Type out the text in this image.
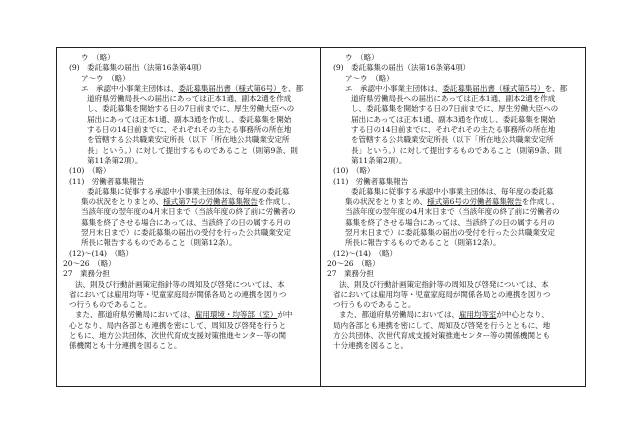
ウ　（略）
(9)　委託募集の届出（法第16条第4項）
ア～ウ　（略）
エ　承認中小事業主団体は、委託募集届出書（様式第6号）を、都
道府県労働局長への届出にあっては正本1通、副本2通を作成
し、委託募集を開始する日の7日前までに、厚生労働大臣への
届出にあっては正本1通、副本3通を作成し、委託募集を開始
する日の14日前までに、それぞれその主たる事務所の所在地
を管轄する公共職業安定所長（以下「所在地公共職業安定所
長」という。）に対して提出するものであること（則第9条、則
第11条第2項）。
(10)　（略）
(11)　労働者募集報告
委託募集に従事する承認中小事業主団体は、毎年度の委託募
集の状況をとりまとめ、様式第7号の労働者募集報告を作成し、
当該年度の翌年度の4月末日まで（当該年度の終了前に労働者の
募集を終了させる場合にあっては、当該終了の日の属する月の
翌月末日まで）に委託募集の届出の受付を行った公共職業安定
所長に報告するものであること（則第12条）。
(12)～(14)　（略）
20～26　（略）
27　業務分担
法、則及び行動計画策定指針等の周知及び啓発については、本
省においては雇用均等・児童家庭局が関係各局との連携を図りつ
つ行うものであること。
また、都道府県労働局においては、雇用環境・均等部（室）が中
心となり、局内各部とも連携を密にして、周知及び啓発を行うと
ともに、地方公共団体、次世代育成支援対策推進センター等の関
係機関とも十分連携を図ること。
ウ　（略）
(9)　委託募集の届出（法第16条第4項）
ア～ウ　（略）
エ　承認中小事業主団体は、委託募集届出書（様式第5号）を、都
道府県労働局長への届出にあっては正本1通、副本2通を作成
し、委託募集を開始する日の7日前までに、厚生労働大臣への
届出にあっては正本1通、副本3通を作成し、委託募集を開始
する日の14日前までに、それぞれその主たる事務所の所在地
を管轄する公共職業安定所長（以下「所在地公共職業安定所
長」という。）に対して提出するものであること（則第9条、則
第11条第2項）。
(10)　（略）
(11)　労働者募集報告
委託募集に従事する承認中小事業主団体は、毎年度の委託募
集の状況をとりまとめ、様式第6号の労働者募集報告を作成し、
当該年度の翌年度の4月末日まで（当該年度の終了前に労働者の
募集を終了させる場合にあっては、当該終了の日の属する月の
翌月末日まで）に委託募集の届出の受付を行った公共職業安定
所長に報告するものであること（則第12条）。
(12)～(14)　（略）
20～26　（略）
27　業務分担
法、則及び行動計画策定指針等の周知及び啓発については、本
省においては雇用均等・児童家庭局が関係各局との連携を図りつ
つ行うものであること。
また、都道府県労働局においては、雇用均等室が中心となり、
局内各部とも連携を密にして、周知及び啓発を行うとともに、地
方公共団体、次世代育成支援対策推進センター等の関係機関とも
十分連携を図ること。
